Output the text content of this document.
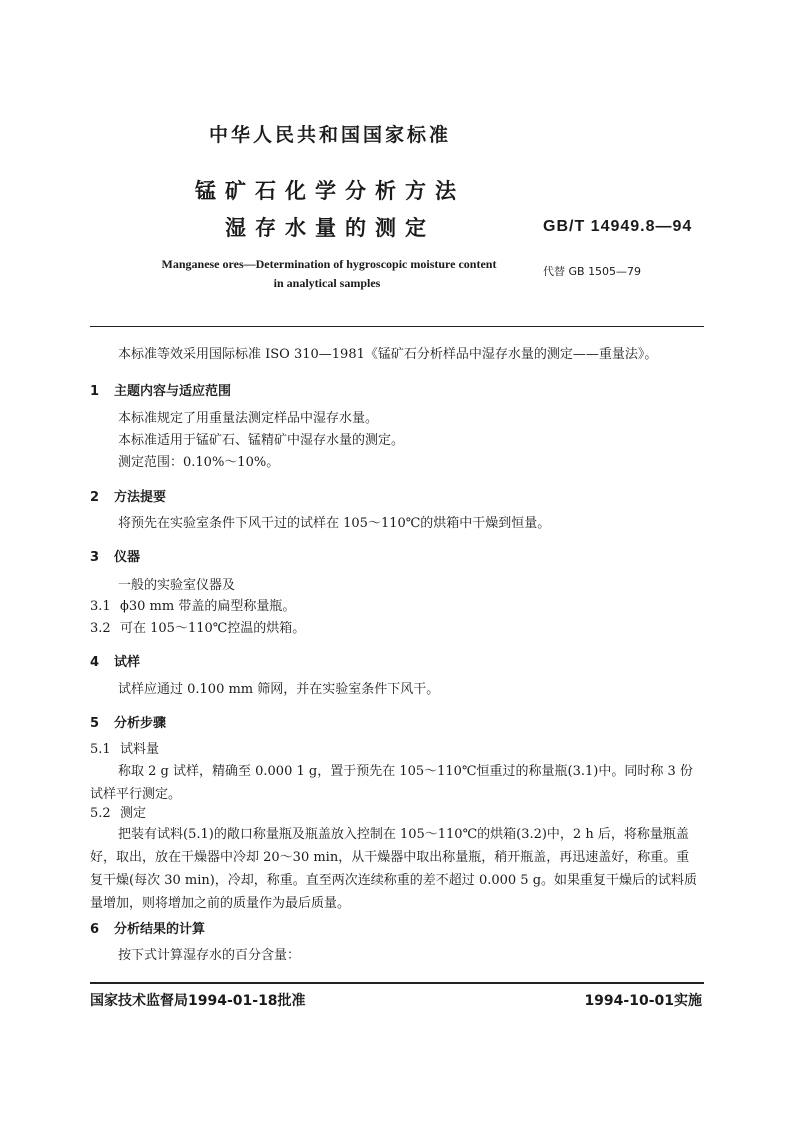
中华人民共和国国家标准
锰矿石化学分析方法
湿存水量的测定	GB/T 14949.8—94
Manganese ores—Determination of hygroscopic moisture content
in analytical samples
代替 GB 1505—79
本标准等效采用国际标准 ISO 310—1981《锰矿石分析样品中湿存水量的测定——重量法》。
1 主题内容与适应范围
本标准规定了用重量法测定样品中湿存水量。
本标准适用于锰矿石、锰精矿中湿存水量的测定。
测定范围：0.10%～10%。
2 方法提要
将预先在实验室条件下风干过的试样在 105～110℃的烘箱中干燥到恒量。
3 仪器
一般的实验室仪器及
3.1 ϕ30 mm 带盖的扁型称量瓶。
3.2 可在 105～110℃控温的烘箱。
4 试样
试样应通过 0.100 mm 筛网，并在实验室条件下风干。
5 分析步骤
5.1 试料量
称取 2 g 试样，精确至 0.000 1 g，置于预先在 105～110℃恒重过的称量瓶(3.1)中。同时称 3 份试样平行测定。
5.2 测定
把装有试料(5.1)的敞口称量瓶及瓶盖放入控制在 105～110℃的烘箱(3.2)中，2 h 后，将称量瓶盖好，取出，放在干燥器中冷却 20～30 min，从干燥器中取出称量瓶，稍开瓶盖，再迅速盖好，称重。重复干燥(每次 30 min)，冷却，称重。直至两次连续称重的差不超过 0.000 5 g。如果重复干燥后的试料质量增加，则将增加之前的质量作为最后质量。
6 分析结果的计算
按下式计算湿存水的百分含量：
国家技术监督局1994-01-18批准	1994-10-01实施
